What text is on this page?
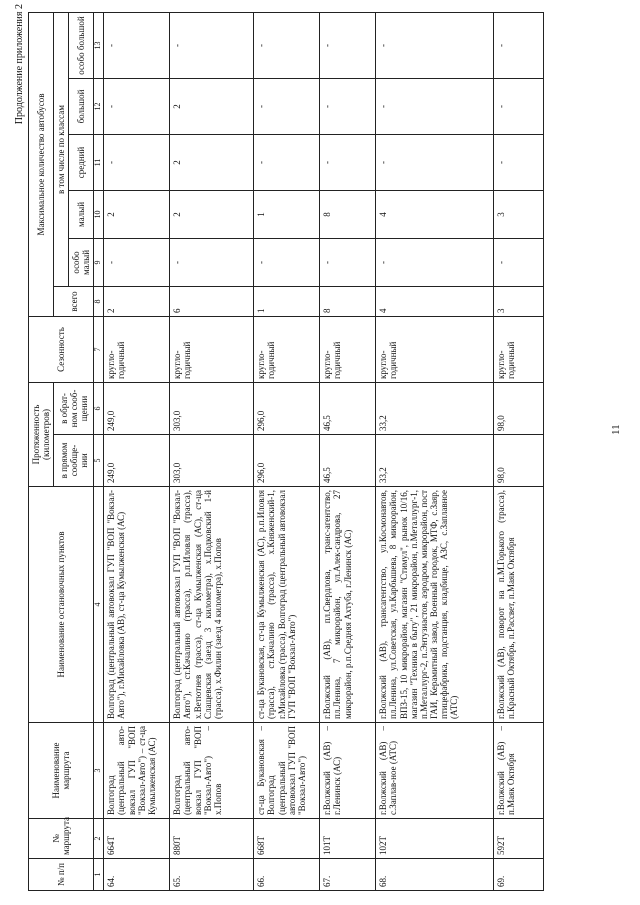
Продолжение приложения 2
11
№ п/п	№ маршрута	Наименование маршрута	Наименование остановочных пунктов	Протяженность (километров)		Сезонность	Максимальное количество автобусов					
				в прямом сообще-нии	в обрат-ном сооб-щении		всего	в том числе по классам				
								особо малый	малый	средний	большой	особо большой
1	2	3	4	5	6	7	8	9	10	11	12	13
64.	664Т	Волгоград (центральный авто-вокзал ГУП "ВОП "Вокзал-Авто") – ст-ца Кумылженская (АС)	Волгоград (центральный автовокзал ГУП "ВОП "Вокзал-Авто"), г.Михайловка (АВ), ст-ца Кумылженская (АС)	249,0	249,0	кругло-годичный	2	-	2	-	-	-
65.	880Т	Волгоград (центральный авто-вокзал ГУП "ВОП "Вокзал-Авто") – х.Попов	Волгоград (центральный автовокзал ГУП "ВОП "Вокзал-Авто"), ст.Качалино (трасса), р.п.Иловля (трасса), х.Ветютнев (трасса), ст-ца Кумылженская (АС), ст-ца Слащевская (заезд 3 километра), х.Подковский 1-й (трасса), х.Филин (заезд 4 километра), х.Попов	303,0	303,0	кругло-годичный	6	-	2	2	2	-
66.	668Т	ст-ца Букановская – Волгоград (центральный автовокзал ГУП "ВОП "Вокзал-Авто")	ст-ца Букановская, ст-ца Кумылженская (АС), р.п.Иловля (трасса), ст.Качалино (трасса), х.Княженский-1, г.Михайловка (трасса), Волгоград (центральный автовокзал ГУП "ВОП "Вокзал-Авто")	296,0	296,0	кругло-годичный	1	-	1	-	-	-
67.	101Т	г.Волжский (АВ) – г.Ленинск (АС)	г.Волжский (АВ), пл.Свердлова, транс-агентство, пл.Ленина, 7 микрорайон, ул.Алек-сандрова, 27 микрорайон, р.п.Средняя Ахтуба, г.Ленинск (АС)	46,5	46,5	кругло-годичный	8	-	8	-	-	-
68.	102Т	г.Волжский (АВ) – с.Заплав-ное (АТС)	г.Волжский (АВ), трансагентство, ул.Космонавтов, пл.Ленина, ул.Советская, ул.Карбышева, 8 микрорайон, ВПЗ-15, 10 микрорайон, магазин "Стимул", рынок 10/16, магазин "Техника в быту", 21 микрорайон, п.Металлург-1, п.Металлург-2, п.Энтузиастов, аэродром, микрорайон, пост ГАИ, Керамитный завод, Военный городок, МТФ, с.Заяр, птицефабрика, подстанция, кладбище, АЗС, с.Заплавное (АТС)	33,2	33,2	кругло-годичный	4	-	4	-	-	-
69.	592Т	г.Волжский (АВ) – п.Маяк Октября	г.Волжский (АВ), поворот на п.М.Горького (трасса), п.Красный Октябрь, п.Рассвет, п.Маяк Октября	98,0	98,0	кругло-годичный	3	-	3	-	-	-
